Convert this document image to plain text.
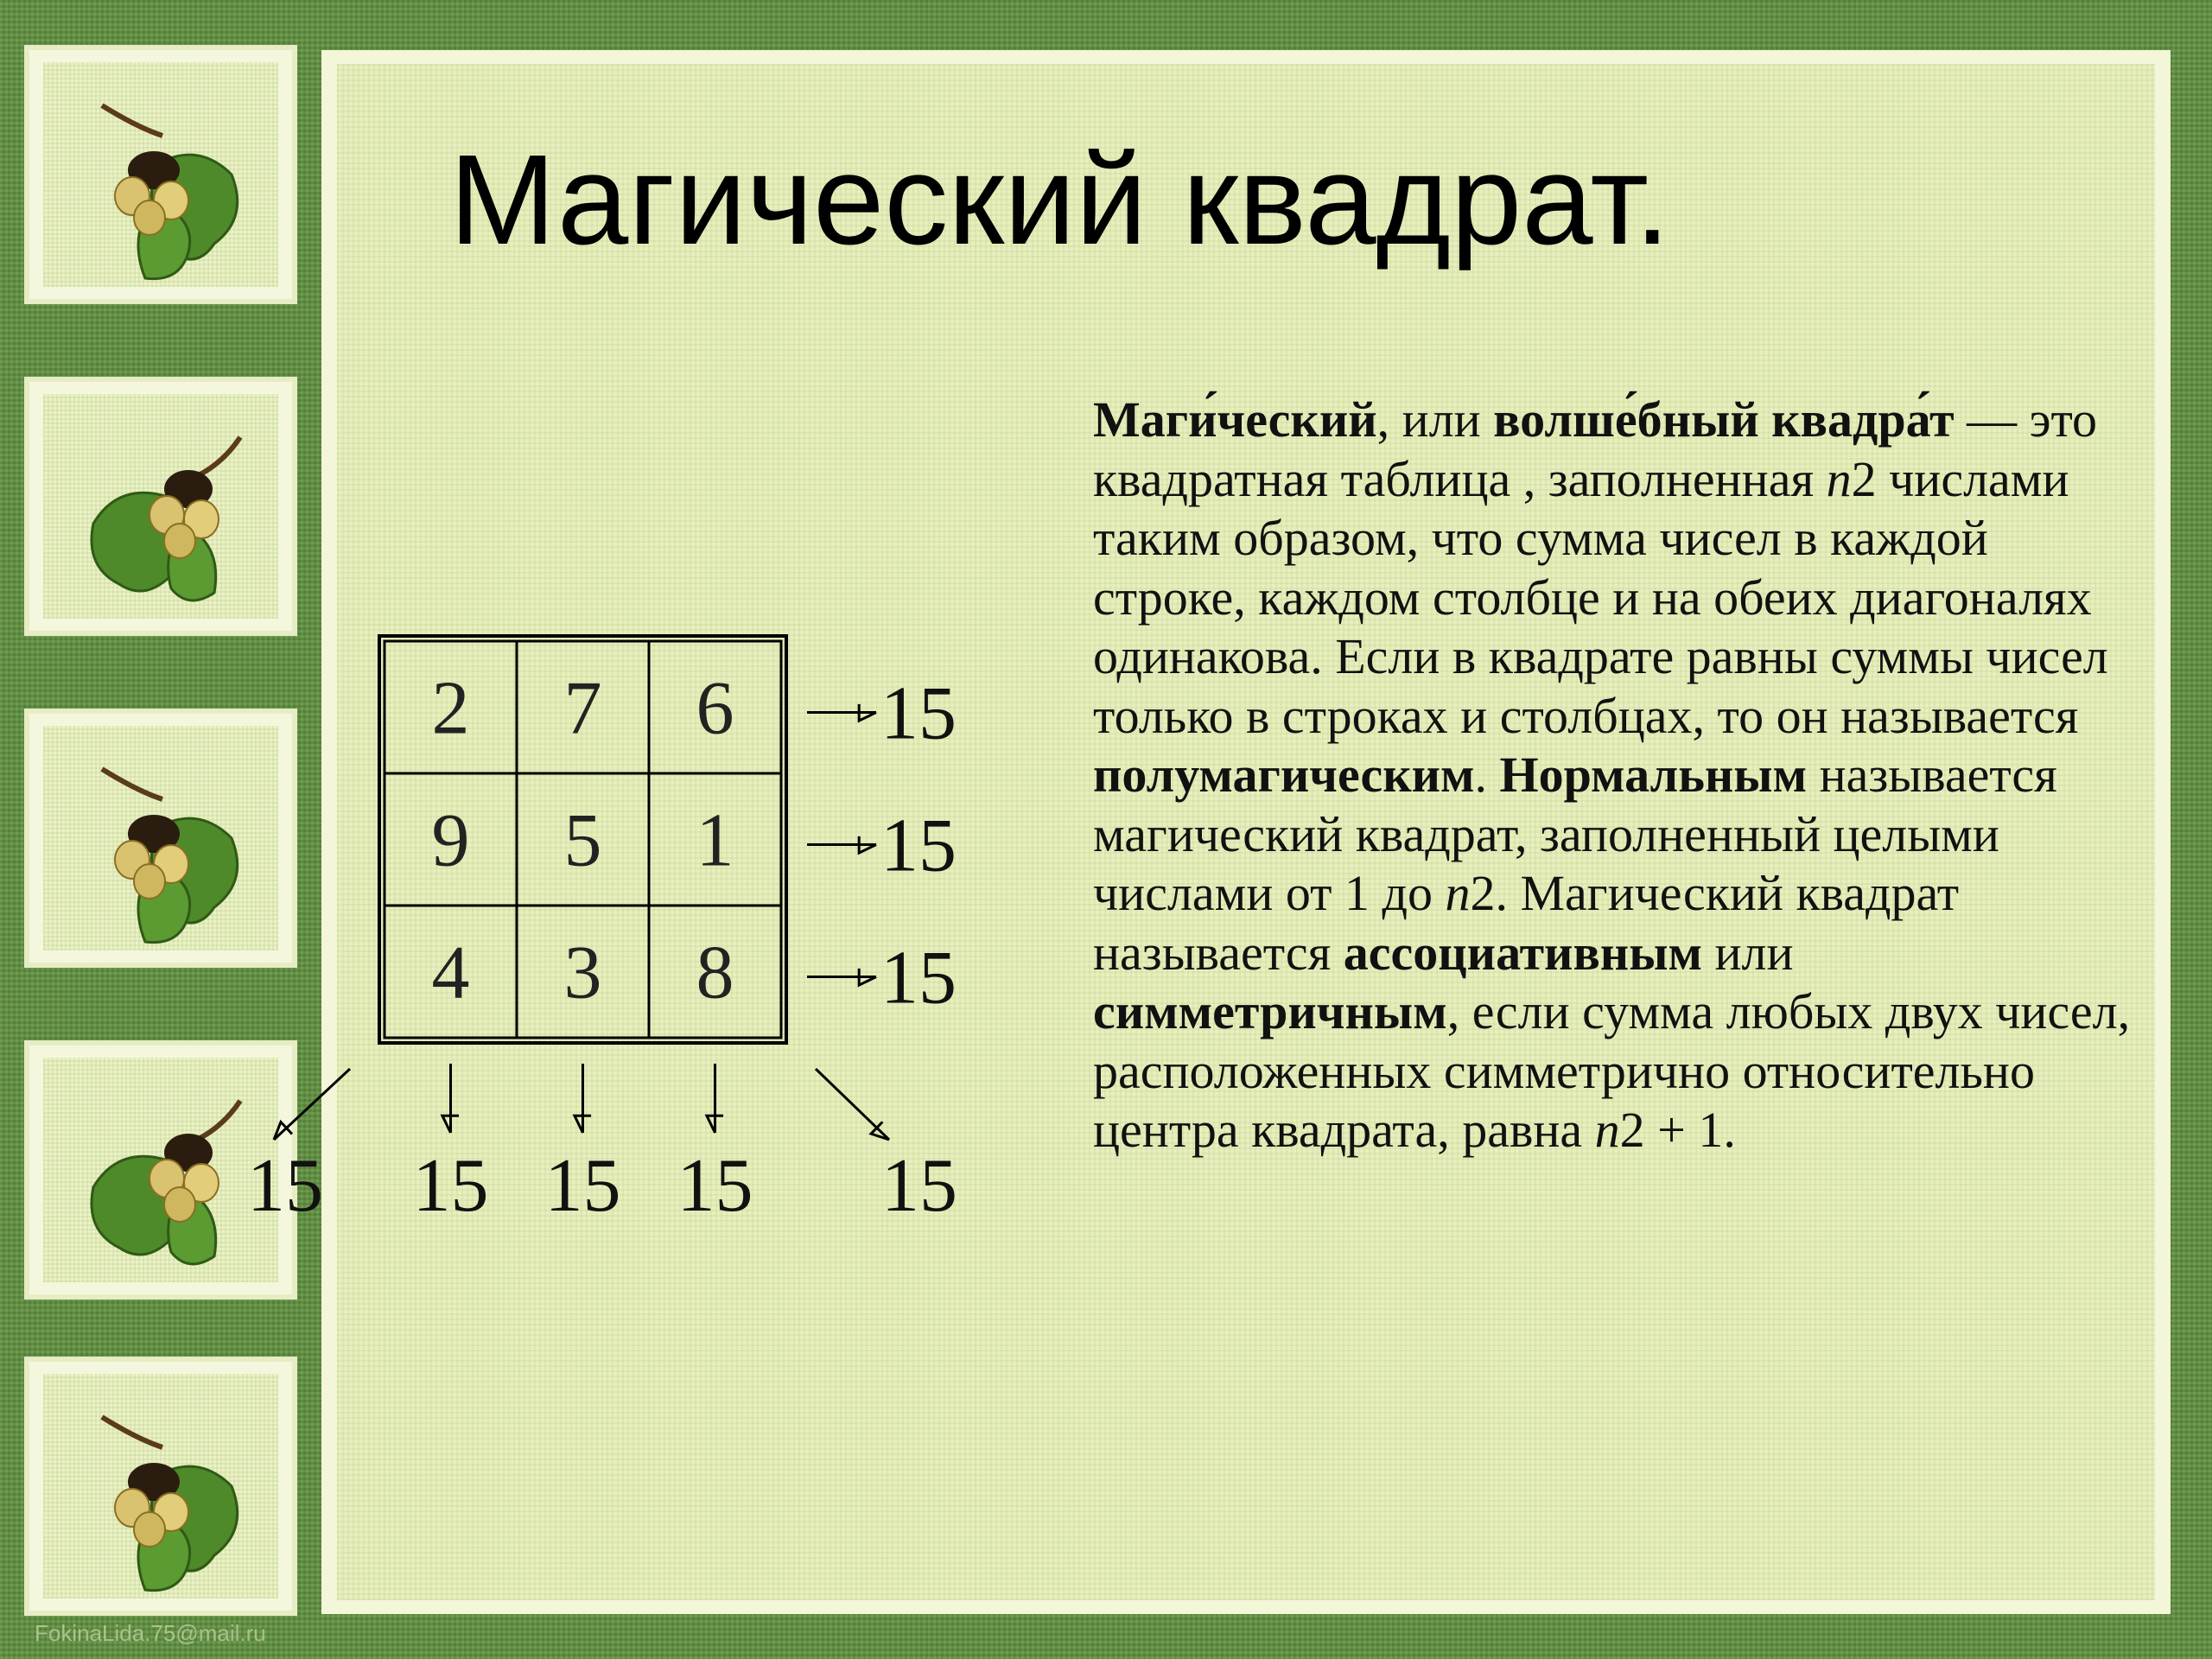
Магический квадрат.
Маги́ческий, или волше́бный квадра́т — это квадратная таблица , заполненная n2 числами таким образом, что сумма чисел в каждой строке, каждом столбце и на обеих диагоналях одинакова. Если в квадрате равны суммы чисел только в строках и столбцах, то он называется полумагическим. Нормальным называется магический квадрат, заполненный целыми числами от 1 до n2. Магический квадрат называется ассоциативным или симметричным, если сумма любых двух чисел, расположенных симметрично относительно центра квадрата, равна n2 + 1.
2 7 6
9 5 1
4 3 8
15
15
15
15 15 15
15	15
FokinaLida.75@mail.ru
